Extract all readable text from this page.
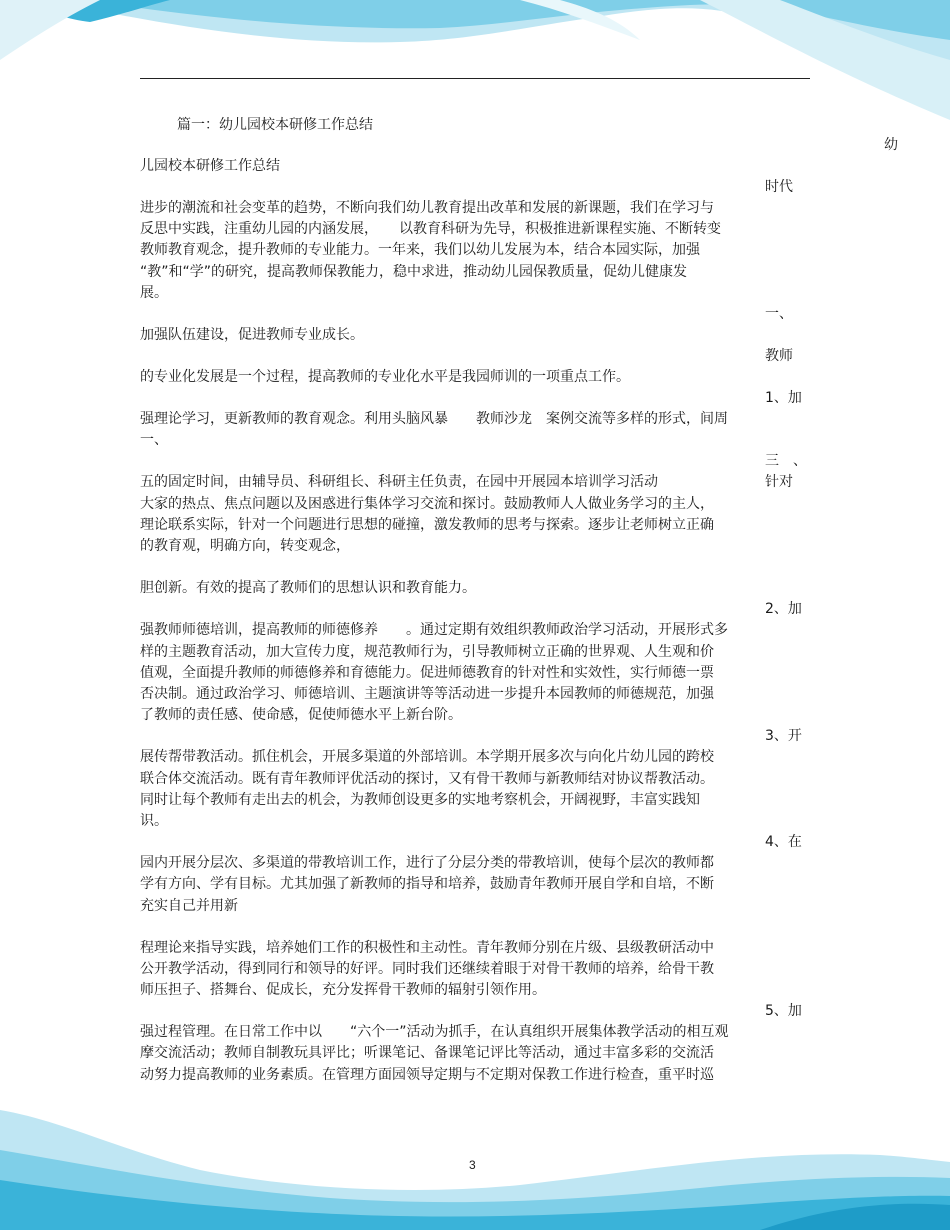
篇一：幼儿园校本研修工作总结
儿园校本研修工作总结
进步的潮流和社会变革的趋势，不断向我们幼儿教育提出改革和发展的新课题，我们在学习与
反思中实践，注重幼儿园的内涵发展，　　以教育科研为先导，积极推进新课程实施、不断转变
教师教育观念，提升教师的专业能力。一年来，我们以幼儿发展为本，结合本园实际，加强
“教”和“学”的研究，提高教师保教能力，稳中求进，推动幼儿园保教质量，促幼儿健康发
展。
加强队伍建设，促进教师专业成长。
的专业化发展是一个过程，提高教师的专业化水平是我园师训的一项重点工作。
强理论学习，更新教师的教育观念。利用头脑风暴　　教师沙龙　案例交流等多样的形式，间周
一、
五的固定时间，由辅导员、科研组长、科研主任负责，在园中开展园本培训学习活动
大家的热点、焦点问题以及困惑进行集体学习交流和探讨。鼓励教师人人做业务学习的主人，
理论联系实际，针对一个问题进行思想的碰撞，激发教师的思考与探索。逐步让老师树立正确
的教育观，明确方向，转变观念，
胆创新。有效的提高了教师们的思想认识和教育能力。
强教师师德培训，提高教师的师德修养　　。通过定期有效组织教师政治学习活动，开展形式多
样的主题教育活动，加大宣传力度，规范教师行为，引导教师树立正确的世界观、人生观和价
值观，全面提升教师的师德修养和育德能力。促进师德教育的针对性和实效性，实行师德一票
否决制。通过政治学习、师德培训、主题演讲等等活动进一步提升本园教师的师德规范，加强
了教师的责任感、使命感，促使师德水平上新台阶。
展传帮带教活动。抓住机会，开展多渠道的外部培训。本学期开展多次与向化片幼儿园的跨校
联合体交流活动。既有青年教师评优活动的探讨，又有骨干教师与新教师结对协议帮教活动。
同时让每个教师有走出去的机会，为教师创设更多的实地考察机会，开阔视野，丰富实践知
识。
园内开展分层次、多渠道的带教培训工作，进行了分层分类的带教培训，使每个层次的教师都
学有方向、学有目标。尤其加强了新教师的指导和培养，鼓励青年教师开展自学和自培，不断
充实自己并用新
程理论来指导实践，培养她们工作的积极性和主动性。青年教师分别在片级、县级教研活动中
公开教学活动，得到同行和领导的好评。同时我们还继续着眼于对骨干教师的培养，给骨干教
师压担子、搭舞台、促成长，充分发挥骨干教师的辐射引领作用。
强过程管理。在日常工作中以　　“六个一”活动为抓手，在认真组织开展集体教学活动的相互观
摩交流活动；教师自制教玩具评比；听课笔记、备课笔记评比等活动，通过丰富多彩的交流活
动努力提高教师的业务素质。在管理方面园领导定期与不定期对保教工作进行检查，重平时巡
幼
时代
一、
教师
1、加
三　、
针对
2、加
3、开
4、在
5、加
3
